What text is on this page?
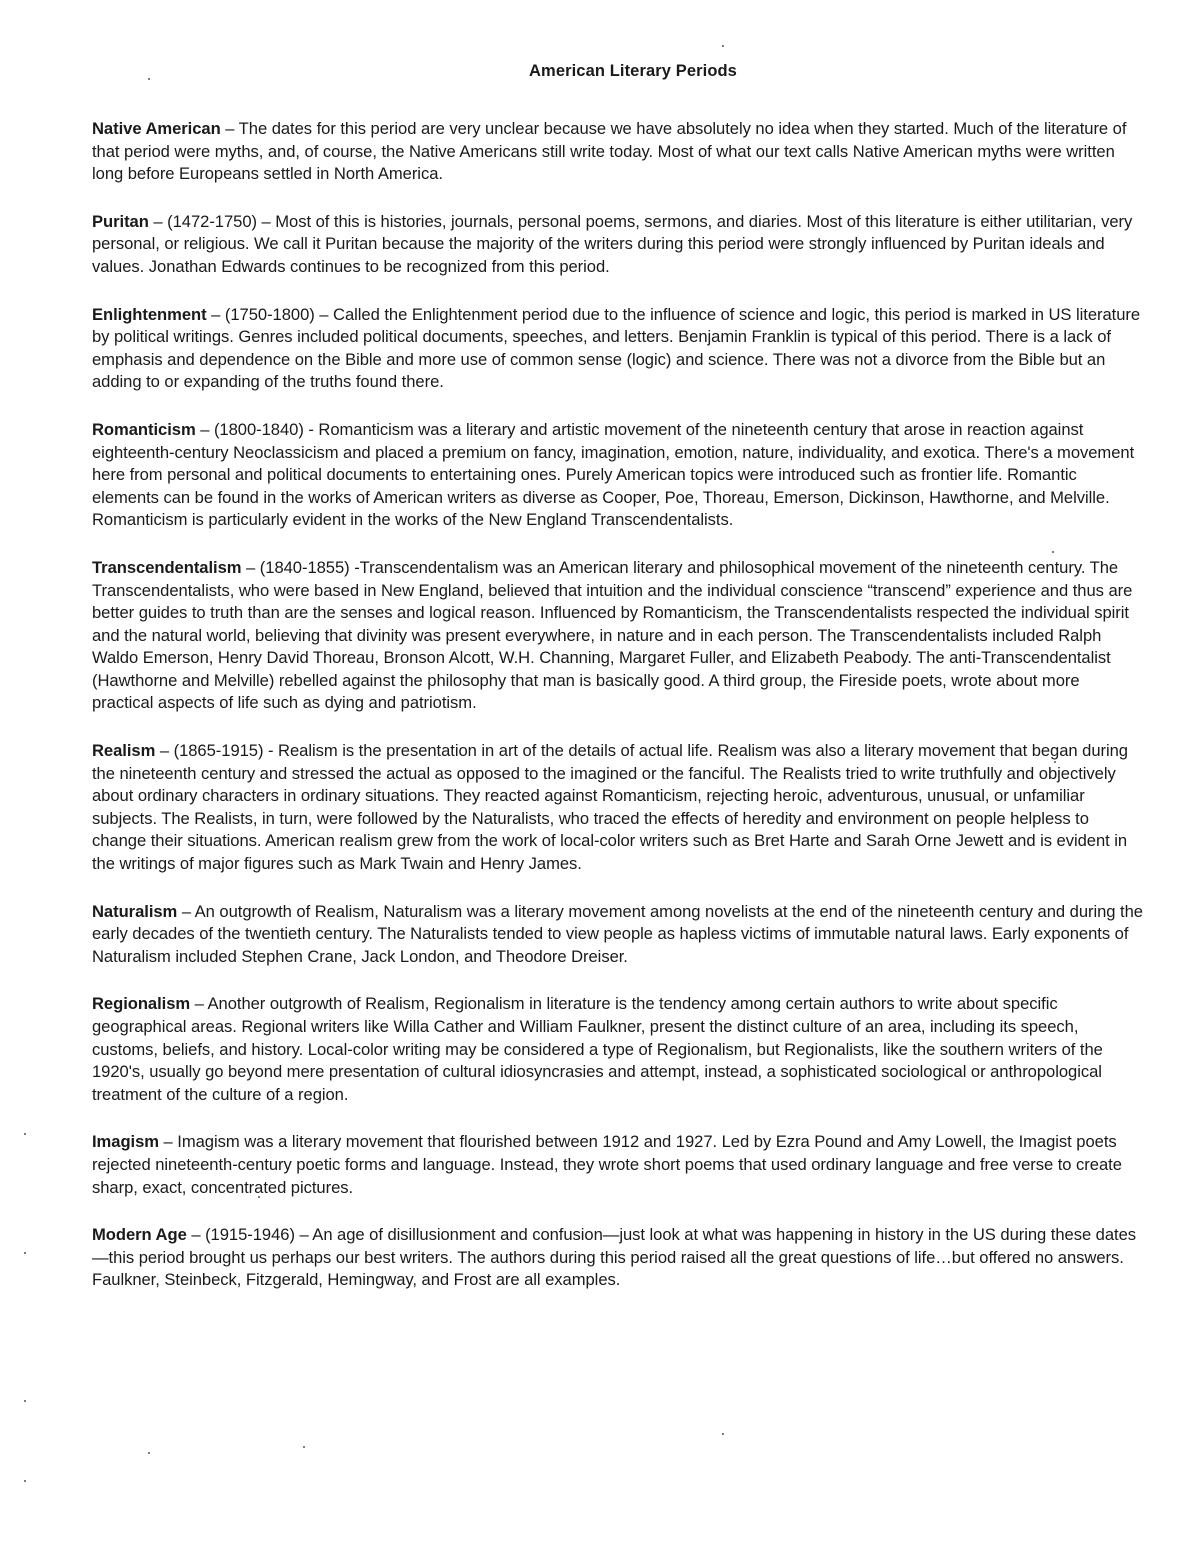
American Literary Periods

Native American – The dates for this period are very unclear because we have absolutely no idea when they started. Much of the literature of that period were myths, and, of course, the Native Americans still write today. Most of what our text calls Native American myths were written long before Europeans settled in North America.

Puritan – (1472-1750) – Most of this is histories, journals, personal poems, sermons, and diaries. Most of this literature is either utilitarian, very personal, or religious. We call it Puritan because the majority of the writers during this period were strongly influenced by Puritan ideals and values. Jonathan Edwards continues to be recognized from this period.

Enlightenment – (1750-1800) – Called the Enlightenment period due to the influence of science and logic, this period is marked in US literature by political writings. Genres included political documents, speeches, and letters. Benjamin Franklin is typical of this period. There is a lack of emphasis and dependence on the Bible and more use of common sense (logic) and science. There was not a divorce from the Bible but an adding to or expanding of the truths found there.

Romanticism – (1800-1840) - Romanticism was a literary and artistic movement of the nineteenth century that arose in reaction against eighteenth-century Neoclassicism and placed a premium on fancy, imagination, emotion, nature, individuality, and exotica. There's a movement here from personal and political documents to entertaining ones. Purely American topics were introduced such as frontier life. Romantic elements can be found in the works of American writers as diverse as Cooper, Poe, Thoreau, Emerson, Dickinson, Hawthorne, and Melville. Romanticism is particularly evident in the works of the New England Transcendentalists.

Transcendentalism – (1840-1855) -Transcendentalism was an American literary and philosophical movement of the nineteenth century. The Transcendentalists, who were based in New England, believed that intuition and the individual conscience “transcend” experience and thus are better guides to truth than are the senses and logical reason. Influenced by Romanticism, the Transcendentalists respected the individual spirit and the natural world, believing that divinity was present everywhere, in nature and in each person. The Transcendentalists included Ralph Waldo Emerson, Henry David Thoreau, Bronson Alcott, W.H. Channing, Margaret Fuller, and Elizabeth Peabody. The anti-Transcendentalist (Hawthorne and Melville) rebelled against the philosophy that man is basically good. A third group, the Fireside poets, wrote about more practical aspects of life such as dying and patriotism.

Realism – (1865-1915) - Realism is the presentation in art of the details of actual life. Realism was also a literary movement that began during the nineteenth century and stressed the actual as opposed to the imagined or the fanciful. The Realists tried to write truthfully and objectively about ordinary characters in ordinary situations. They reacted against Romanticism, rejecting heroic, adventurous, unusual, or unfamiliar subjects. The Realists, in turn, were followed by the Naturalists, who traced the effects of heredity and environment on people helpless to change their situations. American realism grew from the work of local-color writers such as Bret Harte and Sarah Orne Jewett and is evident in the writings of major figures such as Mark Twain and Henry James.

Naturalism – An outgrowth of Realism, Naturalism was a literary movement among novelists at the end of the nineteenth century and during the early decades of the twentieth century. The Naturalists tended to view people as hapless victims of immutable natural laws. Early exponents of Naturalism included Stephen Crane, Jack London, and Theodore Dreiser.

Regionalism – Another outgrowth of Realism, Regionalism in literature is the tendency among certain authors to write about specific geographical areas. Regional writers like Willa Cather and William Faulkner, present the distinct culture of an area, including its speech, customs, beliefs, and history. Local-color writing may be considered a type of Regionalism, but Regionalists, like the southern writers of the 1920's, usually go beyond mere presentation of cultural idiosyncrasies and attempt, instead, a sophisticated sociological or anthropological treatment of the culture of a region.

Imagism – Imagism was a literary movement that flourished between 1912 and 1927. Led by Ezra Pound and Amy Lowell, the Imagist poets rejected nineteenth-century poetic forms and language. Instead, they wrote short poems that used ordinary language and free verse to create sharp, exact, concentrated pictures.

Modern Age – (1915-1946) – An age of disillusionment and confusion—just look at what was happening in history in the US during these dates—this period brought us perhaps our best writers. The authors during this period raised all the great questions of life…but offered no answers. Faulkner, Steinbeck, Fitzgerald, Hemingway, and Frost are all examples.
